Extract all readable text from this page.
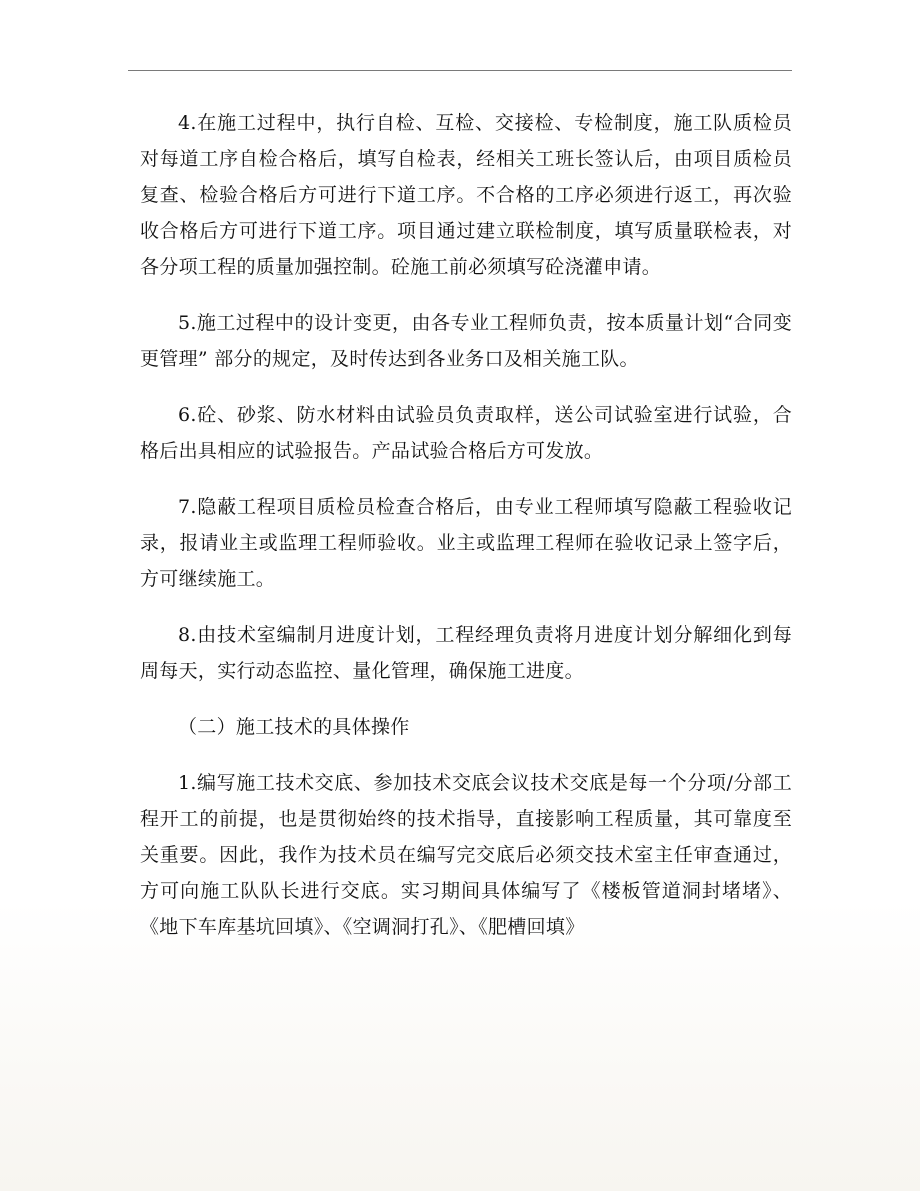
4.在施工过程中，执行自检、互检、交接检、专检制度，施工队质检员对每道工序自检合格后，填写自检表，经相关工班长签认后，由项目质检员复查、检验合格后方可进行下道工序。不合格的工序必须进行返工，再次验收合格后方可进行下道工序。项目通过建立联检制度，填写质量联检表，对各分项工程的质量加强控制。砼施工前必须填写砼浇灌申请。

5.施工过程中的设计变更，由各专业工程师负责，按本质量计划“合同变更管理” 部分的规定，及时传达到各业务口及相关施工队。

6.砼、砂浆、防水材料由试验员负责取样，送公司试验室进行试验，合格后出具相应的试验报告。产品试验合格后方可发放。

7.隐蔽工程项目质检员检查合格后，由专业工程师填写隐蔽工程验收记录，报请业主或监理工程师验收。业主或监理工程师在验收记录上签字后，方可继续施工。

8.由技术室编制月进度计划，工程经理负责将月进度计划分解细化到每周每天，实行动态监控、量化管理，确保施工进度。

（二）施工技术的具体操作

1.编写施工技术交底、参加技术交底会议技术交底是每一个分项/分部工程开工的前提，也是贯彻始终的技术指导，直接影响工程质量，其可靠度至关重要。因此，我作为技术员在编写完交底后必须交技术室主任审查通过，方可向施工队队长进行交底。实习期间具体编写了《楼板管道洞封堵堵》、《地下车库基坑回填》、《空调洞打孔》、《肥槽回填》
